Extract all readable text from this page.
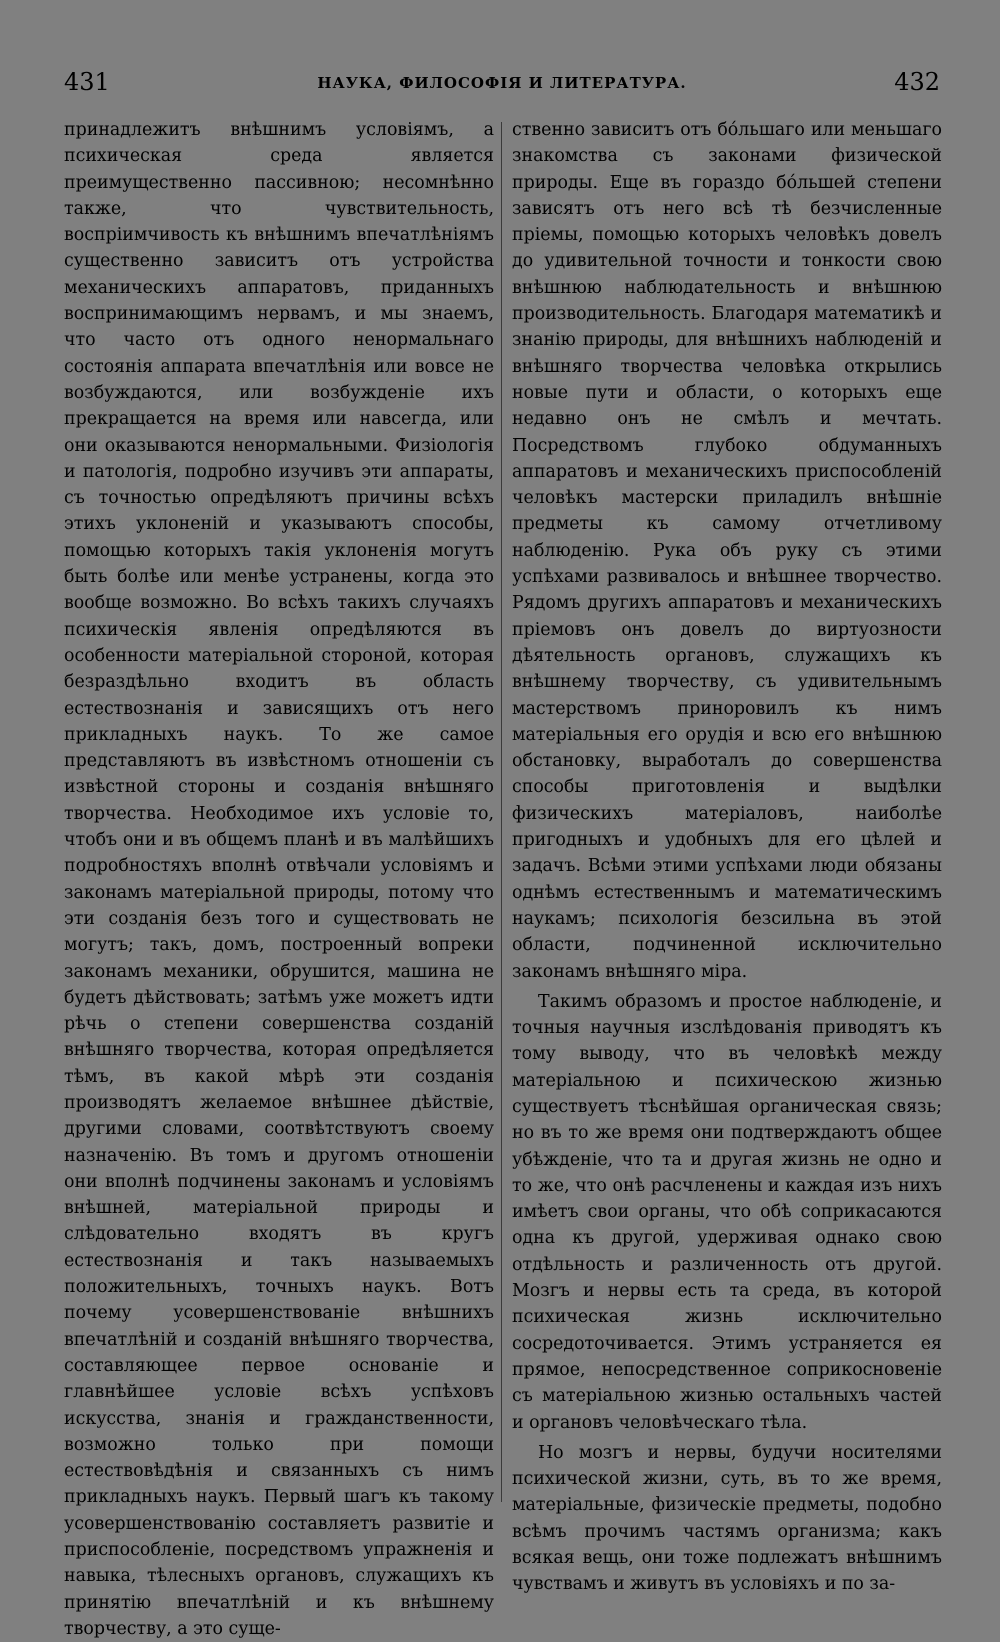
431	НАУКА, ФИЛОСОФІЯ И ЛИТЕРАТУРА.	432

принадлежитъ внѣшнимъ условіямъ, а психическая среда является преимущественно пассивною; несомнѣнно также, что чувствительность, воспріимчивость къ внѣшнимъ впечатлѣніямъ существенно зависитъ отъ устройства механическихъ аппаратовъ, приданныхъ воспринимающимъ нервамъ, и мы знаемъ, что часто отъ одного ненормальнаго состоянія аппарата впечатлѣнія или вовсе не возбуждаются, или возбужденіе ихъ прекращается на время или навсегда, или они оказываются ненормальными. Физіологія и патологія, подробно изучивъ эти аппараты, съ точностью опредѣляютъ причины всѣхъ этихъ уклоненій и указываютъ способы, помощью которыхъ такія уклоненія могутъ быть болѣе или менѣе устранены, когда это вообще возможно. Во всѣхъ такихъ случаяхъ психическія явленія опредѣляются въ особенности матеріальной стороной, которая безраздѣльно входитъ въ область естествознанія и зависящихъ отъ него прикладныхъ наукъ. То же самое представляютъ въ извѣстномъ отношеніи съ извѣстной стороны и созданія внѣшняго творчества. Необходимое ихъ условіе то, чтобъ они и въ общемъ планѣ и въ малѣйшихъ подробностяхъ вполнѣ отвѣчали условіямъ и законамъ матеріальной природы, потому что эти созданія безъ того и существовать не могутъ; такъ, домъ, построенный вопреки законамъ механики, обрушится, машина не будетъ дѣйствовать; затѣмъ уже можетъ идти рѣчь о степени совершенства созданій внѣшняго творчества, которая опредѣляется тѣмъ, въ какой мѣрѣ эти созданія производятъ желаемое внѣшнее дѣйствіе, другими словами, соотвѣтствуютъ своему назначенію. Въ томъ и другомъ отношеніи они вполнѣ подчинены законамъ и условіямъ внѣшней, матеріальной природы и слѣдовательно входятъ въ кругъ естествознанія и такъ называемыхъ положительныхъ, точныхъ наукъ. Вотъ почему усовершенствованіе внѣшнихъ впечатлѣній и созданій внѣшняго творчества, составляющее первое основаніе и главнѣйшее условіе всѣхъ успѣховъ искусства, знанія и гражданственности, возможно только при помощи естествовѣдѣнія и связанныхъ съ нимъ прикладныхъ наукъ. Первый шагъ къ такому усовершенствованію составляетъ развитіе и приспособленіе, посредствомъ упражненія и навыка, тѣлесныхъ органовъ, служащихъ къ принятію впечатлѣній и къ внѣшнему творчеству, а это суще-

ственно зависитъ отъ бóльшаго или меньшаго знакомства съ законами физической природы. Еще въ гораздо бóльшей степени зависятъ отъ него всѣ тѣ безчисленные пріемы, помощью которыхъ человѣкъ довелъ до удивительной точности и тонкости свою внѣшнюю наблюдательность и внѣшнюю производительность. Благодаря математикѣ и знанію природы, для внѣшнихъ наблюденій и внѣшняго творчества человѣка открылись новые пути и области, о которыхъ еще недавно онъ не смѣлъ и мечтать. Посредствомъ глубоко обдуманныхъ аппаратовъ и механическихъ приспособленій человѣкъ мастерски приладилъ внѣшніе предметы къ самому отчетливому наблюденію. Рука объ руку съ этими успѣхами развивалось и внѣшнее творчество. Рядомъ другихъ аппаратовъ и механическихъ пріемовъ онъ довелъ до виртуозности дѣятельность органовъ, служащихъ къ внѣшнему творчеству, съ удивительнымъ мастерствомъ приноровилъ къ нимъ матеріальныя его орудія и всю его внѣшнюю обстановку, выработалъ до совершенства способы приготовленія и выдѣлки физическихъ матеріаловъ, наиболѣе пригодныхъ и удобныхъ для его цѣлей и задачъ. Всѣми этими успѣхами люди обязаны однѣмъ естественнымъ и математическимъ наукамъ; психологія безсильна въ этой области, подчиненной исключительно законамъ внѣшняго міра.

Такимъ образомъ и простое наблюденіе, и точныя научныя изслѣдованія приводятъ къ тому выводу, что въ человѣкѣ между матеріальною и психическою жизнью существуетъ тѣснѣйшая органическая связь; но въ то же время они подтверждаютъ общее убѣжденіе, что та и другая жизнь не одно и то же, что онѣ расчленены и каждая изъ нихъ имѣетъ свои органы, что обѣ соприкасаются одна къ другой, удерживая однако свою отдѣльность и различенность отъ другой. Мозгъ и нервы есть та среда, въ которой психическая жизнь исключительно сосредоточивается. Этимъ устраняется ея прямое, непосредственное соприкосновеніе съ матеріальною жизнью остальныхъ частей и органовъ человѣческаго тѣла.

Но мозгъ и нервы, будучи носителями психической жизни, суть, въ то же время, матеріальные, физическіе предметы, подобно всѣмъ прочимъ частямъ организма; какъ всякая вещь, они тоже подлежатъ внѣшнимъ чувствамъ и живутъ въ условіяхъ и по за-
